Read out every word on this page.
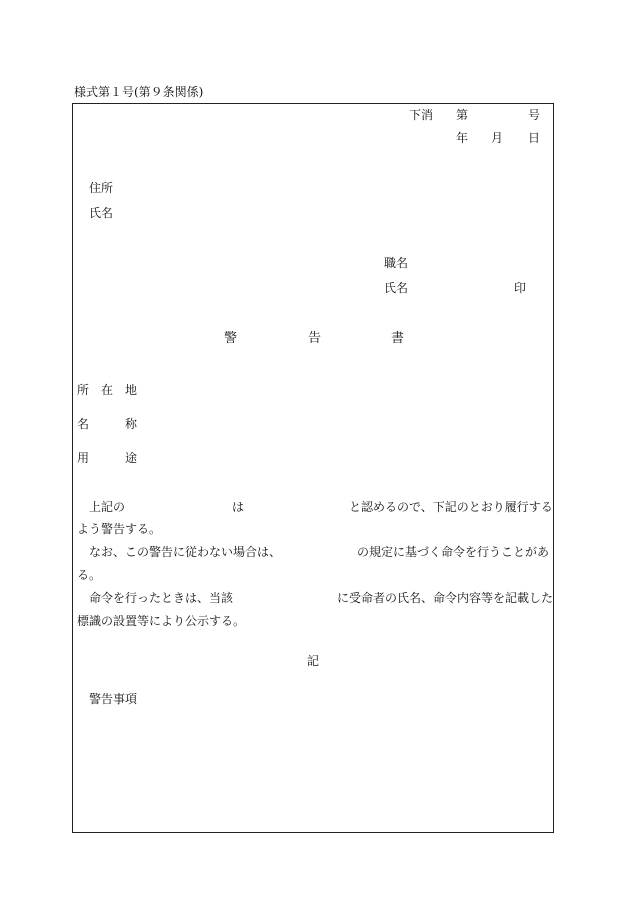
様式第１号(第９条関係)
下消 第	号
年 月 日
住所
氏名
職名
氏名	印
警	告	書
所 在 地
名	称
用	途
上記の	は	と認めるので、下記のとおり履行する
よう警告する。
なお、この警告に従わない場合は、	の規定に基づく命令を行うことがあ
る。
命令を行ったときは、当該	に受命者の氏名、命令内容等を記載した
標識の設置等により公示する。
記
警告事項
